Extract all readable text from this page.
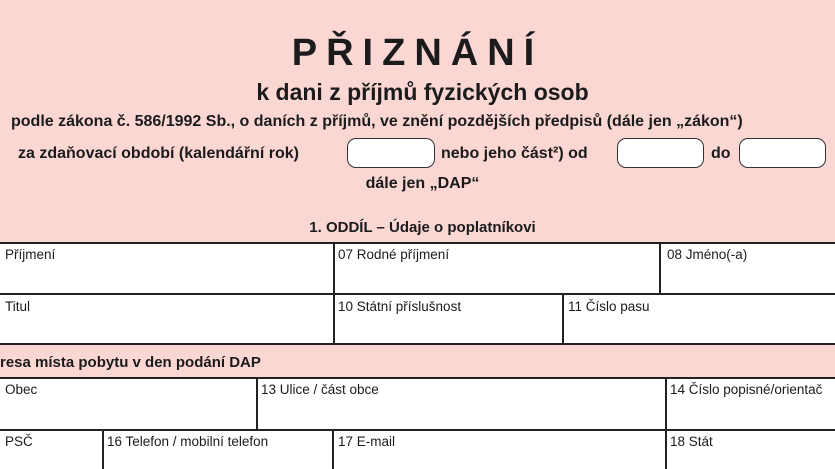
PŘIZNÁNÍ
k dani z příjmů fyzických osob
podle zákona č. 586/1992 Sb., o daních z příjmů, ve znění pozdějších předpisů (dále jen „zákon“)
za zdaňovací období (kalendářní rok)	nebo jeho část²) od	do
dále jen „DAP“
1. ODDÍL – Údaje o poplatníkovi
Příjmení	07 Rodné příjmení	08 Jméno(-a)
Titul	10 Státní příslušnost	11 Číslo pasu
resa místa pobytu v den podání DAP
Obec	13 Ulice / část obce	14 Číslo popisné/orientač
PSČ	16 Telefon / mobilní telefon	17 E-mail	18 Stát
